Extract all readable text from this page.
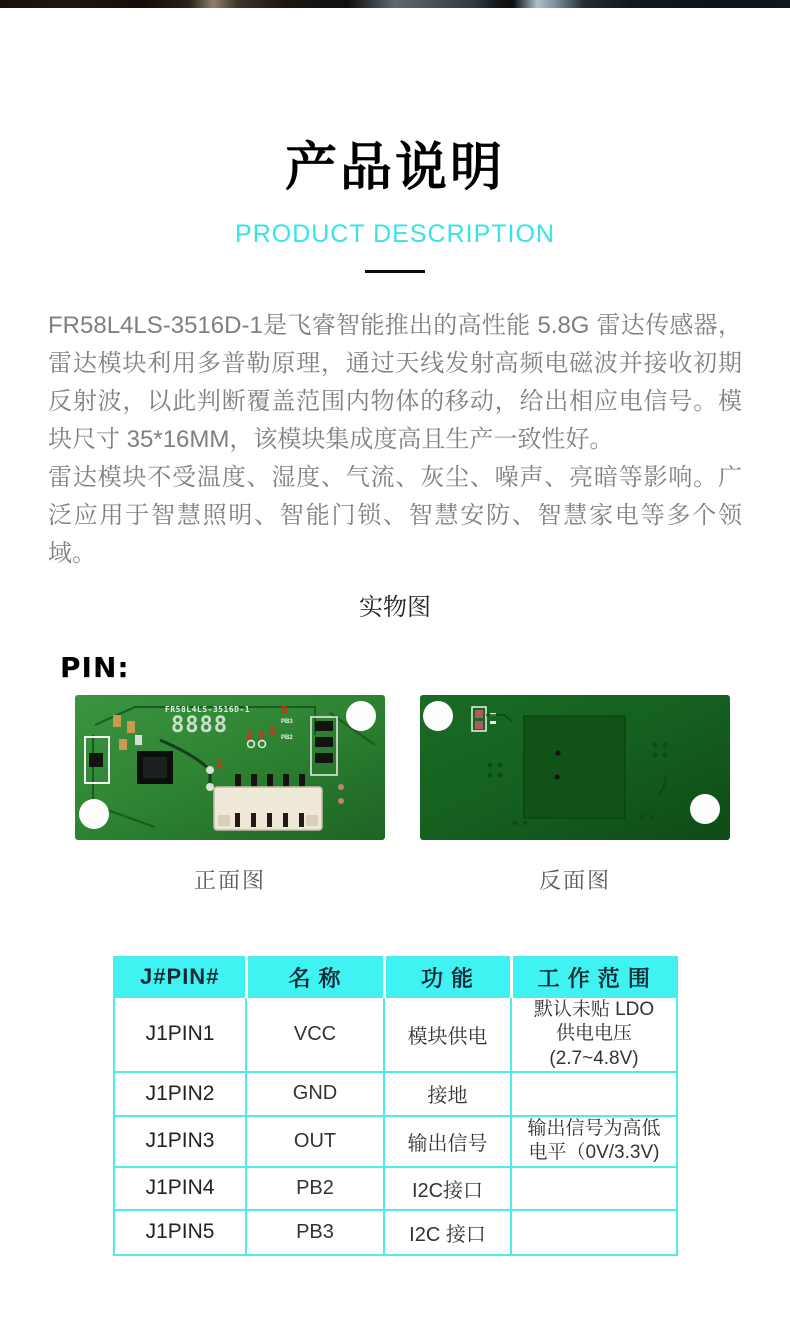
产品说明
PRODUCT DESCRIPTION

FR58L4LS-3516D-1是飞睿智能推出的高性能 5.8G 雷达传感器，雷达模块利用多普勒原理，通过天线发射高频电磁波并接收初期反射波，以此判断覆盖范围内物体的移动，给出相应电信号。模块尺寸 35*16MM，该模块集成度高且生产一致性好。

雷达模块不受温度、湿度、气流、灰尘、噪声、亮暗等影响。广泛应用于智慧照明、智能门锁、智慧安防、智慧家电等多个领域。

实物图
PIN:
FR58L4LS-3516D-1
8888
1
2 3 4
5
PB2
PB3
正面图	反面图
J#PIN#	名 称	功 能	工 作 范 围
J1PIN1	VCC	模块供电	默认未贴 LDO
供电电压(2.7~4.8V)
J1PIN2	GND	接地	
J1PIN3	OUT	输出信号	输出信号为高低
电平（0V/3.3V)
J1PIN4	PB2	I2C接口	
J1PIN5	PB3	I2C 接口	
